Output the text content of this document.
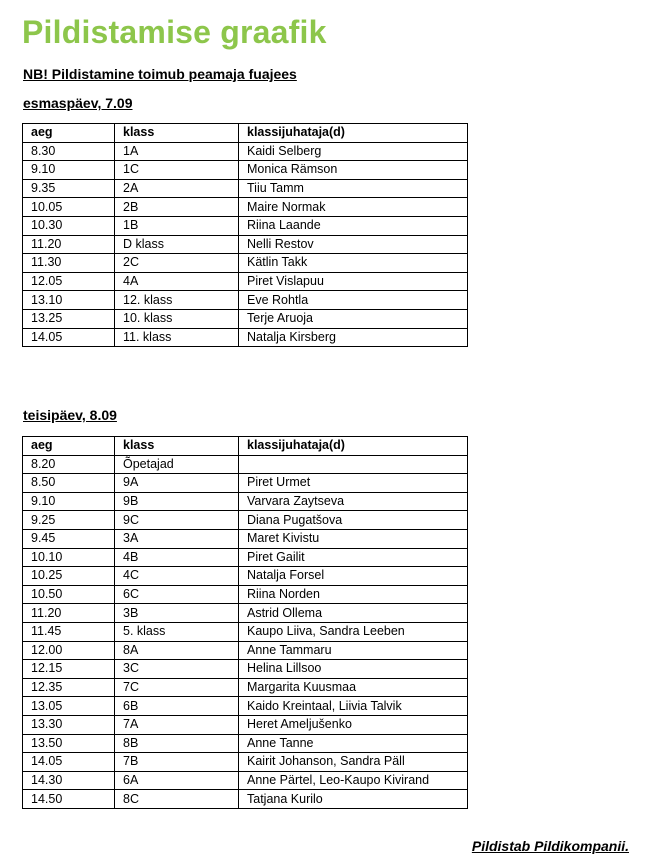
Pildistamise graafik
NB! Pildistamine toimub peamaja fuajees
esmaspäev, 7.09
aeg	klass	klassijuhataja(d)
8.30	1A	Kaidi Selberg
9.10	1C	Monica Rämson
9.35	2A	Tiiu Tamm
10.05	2B	Maire Normak
10.30	1B	Riina Laande
11.20	D klass	Nelli Restov
11.30	2C	Kätlin Takk
12.05	4A	Piret Vislapuu
13.10	12. klass	Eve Rohtla
13.25	10. klass	Terje Aruoja
14.05	11. klass	Natalja Kirsberg
teisipäev, 8.09
aeg	klass	klassijuhataja(d)
8.20	Õpetajad	
8.50	9A	Piret Urmet
9.10	9B	Varvara Zaytseva
9.25	9C	Diana Pugatšova
9.45	3A	Maret Kivistu
10.10	4B	Piret Gailit
10.25	4C	Natalja Forsel
10.50	6C	Riina Norden
11.20	3B	Astrid Ollema
11.45	5. klass	Kaupo Liiva, Sandra Leeben
12.00	8A	Anne Tammaru
12.15	3C	Helina Lillsoo
12.35	7C	Margarita Kuusmaa
13.05	6B	Kaido Kreintaal, Liivia Talvik
13.30	7A	Heret Ameljušenko
13.50	8B	Anne Tanne
14.05	7B	Kairit Johanson, Sandra Päll
14.30	6A	Anne Pärtel, Leo-Kaupo Kivirand
14.50	8C	Tatjana Kurilo
Pildistab Pildikompanii.
